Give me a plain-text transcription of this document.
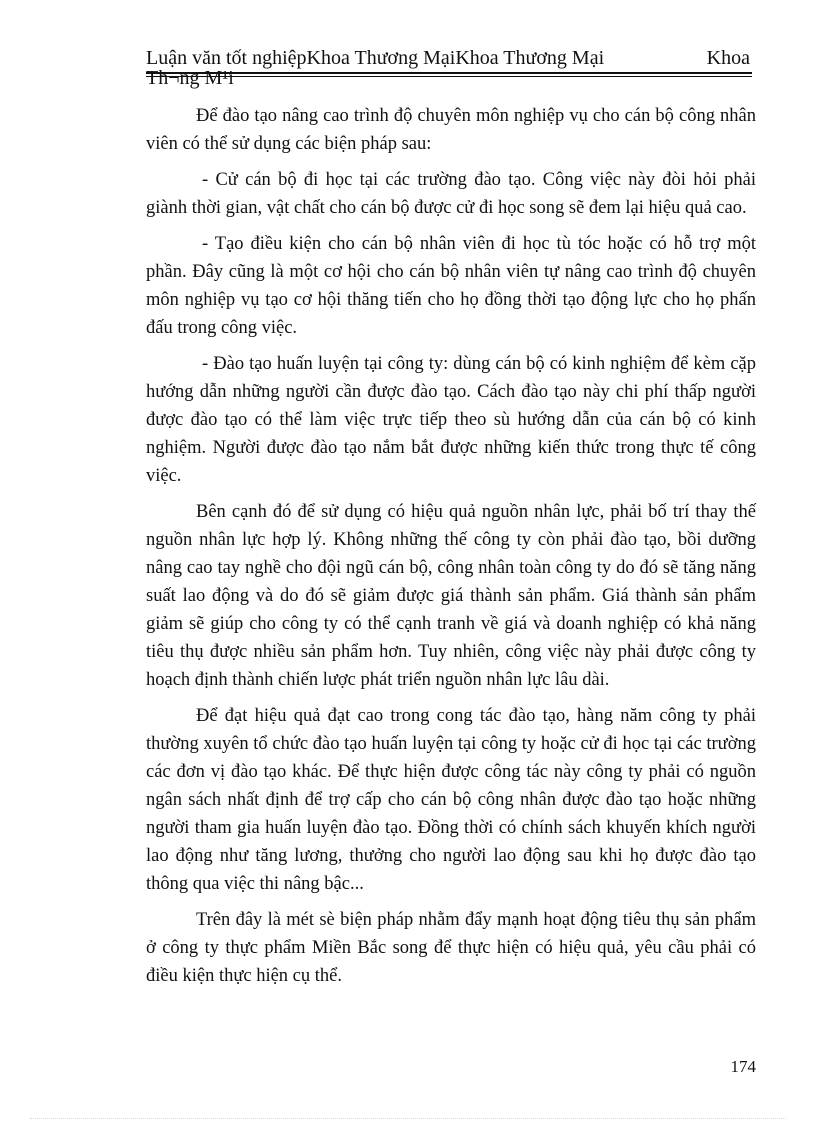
Luận văn tốt nghiệpKhoa Thương MạiKhoa Thương Mại	Khoa
Th¬ng M¹i

Để đào tạo nâng cao trình độ chuyên môn nghiệp vụ cho cán bộ công nhân viên có thể sử dụng các biện pháp sau:

- Cử cán bộ đi học tại các trường đào tạo. Công việc này đòi hỏi phải giành thời gian, vật chất cho cán bộ được cử đi học song sẽ đem lại hiệu quả cao.

- Tạo điều kiện cho cán bộ nhân viên đi học tù tóc hoặc có hỗ trợ một phần. Đây cũng là một cơ hội cho cán bộ nhân viên tự nâng cao trình độ chuyên môn nghiệp vụ tạo cơ hội thăng tiến cho họ đồng thời tạo động lực cho họ phấn đấu trong công việc.

- Đào tạo huấn luyện tại công ty: dùng cán bộ có kinh nghiệm để kèm cặp hướng dẫn những người cần được đào tạo. Cách đào tạo này chi phí thấp người được đào tạo có thể làm việc trực tiếp theo sù hướng dẫn của cán bộ có kinh nghiệm. Người được đào tạo nắm bắt được những kiến thức trong thực tế công việc.

Bên cạnh đó để sử dụng có hiệu quả nguồn nhân lực, phải bố trí thay thế nguồn nhân lực hợp lý. Không những thế công ty còn phải đào tạo, bồi dưỡng nâng cao tay nghề cho đội ngũ cán bộ, công nhân toàn công ty do đó sẽ tăng năng suất lao động và do đó sẽ giảm được giá thành sản phẩm. Giá thành sản phẩm giảm sẽ giúp cho công ty có thể cạnh tranh về giá và doanh nghiệp có khả năng tiêu thụ được nhiều sản phẩm hơn. Tuy nhiên, công việc này phải được công ty hoạch định thành chiến lược phát triển nguồn nhân lực lâu dài.

Để đạt hiệu quả đạt cao trong cong tác đào tạo, hàng năm công ty phải thường xuyên tổ chức đào tạo huấn luyện tại công ty hoặc cử đi học tại các trường các đơn vị đào tạo khác. Để thực hiện được công tác này công ty phải có nguồn ngân sách nhất định để trợ cấp cho cán bộ công nhân được đào tạo hoặc những người tham gia huấn luyện đào tạo. Đồng thời có chính sách khuyến khích người lao động như tăng lương, thưởng cho người lao động sau khi họ được đào tạo thông qua việc thi nâng bậc...

Trên đây là mét sè biện pháp nhằm đẩy mạnh hoạt động tiêu thụ sản phẩm ở công ty thực phẩm Miền Bắc song để thực hiện có hiệu quả, yêu cầu phải có điều kiện thực hiện cụ thể.

174
